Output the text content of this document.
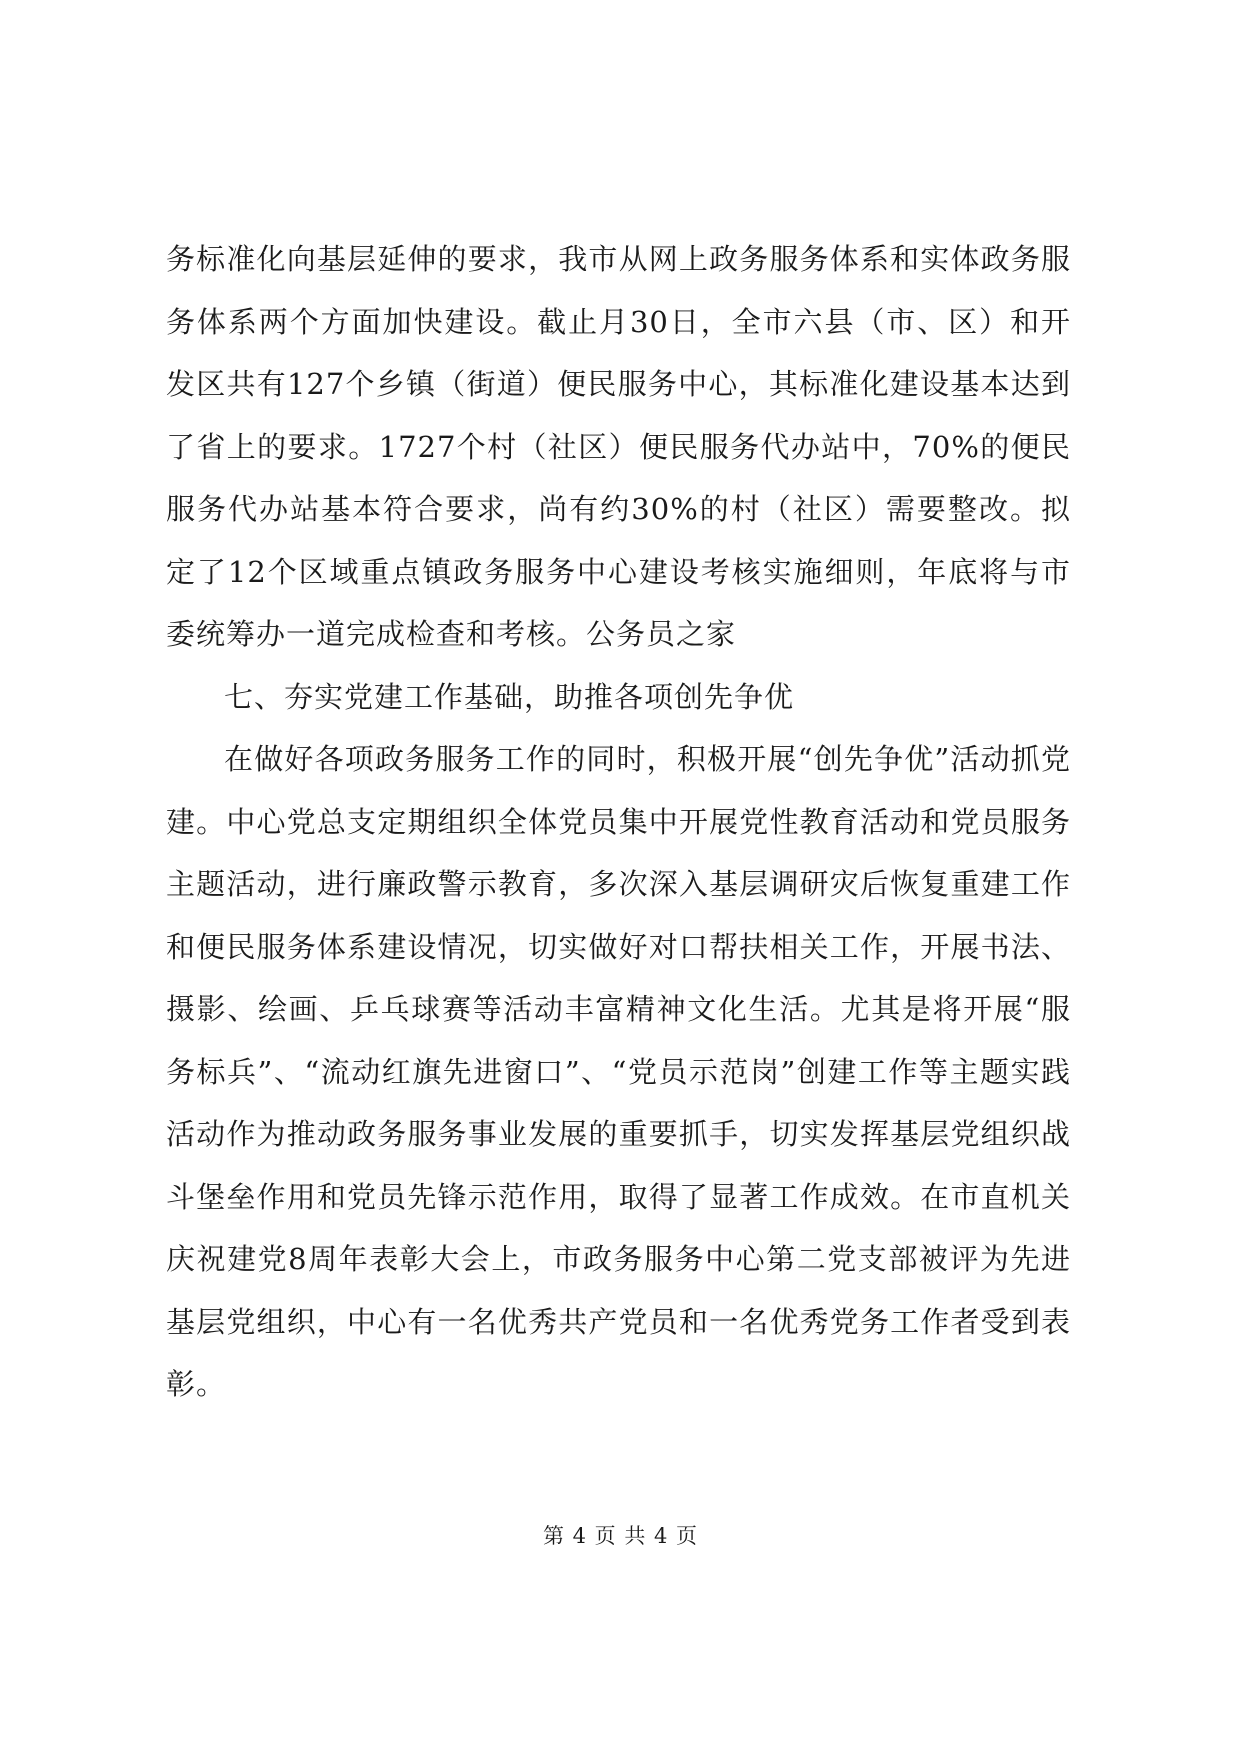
务标准化向基层延伸的要求，我市从网上政务服务体系和实体政务服务体系两个方面加快建设。截止月30日，全市六县（市、区）和开发区共有127个乡镇（街道）便民服务中心，其标准化建设基本达到了省上的要求。1727个村（社区）便民服务代办站中，70%的便民服务代办站基本符合要求，尚有约30%的村（社区）需要整改。拟定了12个区域重点镇政务服务中心建设考核实施细则，年底将与市委统筹办一道完成检查和考核。公务员之家

七、夯实党建工作基础，助推各项创先争优

在做好各项政务服务工作的同时，积极开展“创先争优”活动抓党建。中心党总支定期组织全体党员集中开展党性教育活动和党员服务主题活动，进行廉政警示教育，多次深入基层调研灾后恢复重建工作和便民服务体系建设情况，切实做好对口帮扶相关工作，开展书法、摄影、绘画、乒乓球赛等活动丰富精神文化生活。尤其是将开展“服务标兵”、“流动红旗先进窗口”、“党员示范岗”创建工作等主题实践活动作为推动政务服务事业发展的重要抓手，切实发挥基层党组织战斗堡垒作用和党员先锋示范作用，取得了显著工作成效。在市直机关庆祝建党8周年表彰大会上，市政务服务中心第二党支部被评为先进基层党组织，中心有一名优秀共产党员和一名优秀党务工作者受到表彰。

第 4 页 共 4 页
